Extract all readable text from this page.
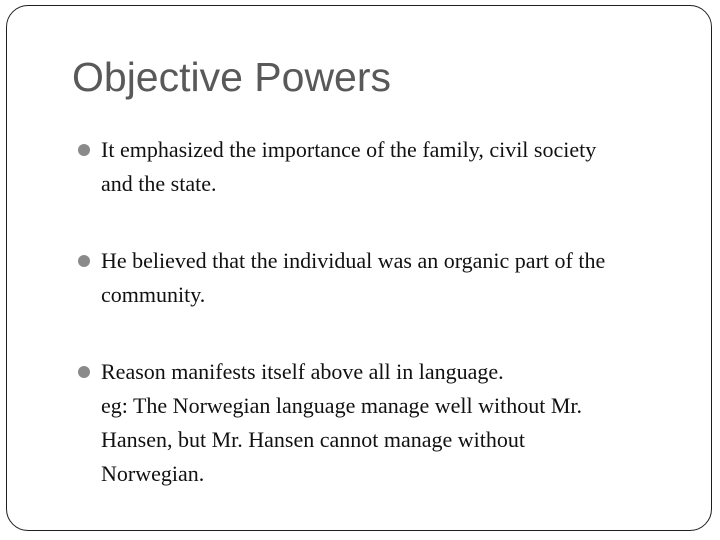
Objective Powers
It emphasized the importance of the family, civil society
and the state.
He believed that the individual was an organic part of the
community.
Reason manifests itself above all in language.
eg: The Norwegian language manage well without Mr.
Hansen, but Mr. Hansen cannot manage without
Norwegian.
